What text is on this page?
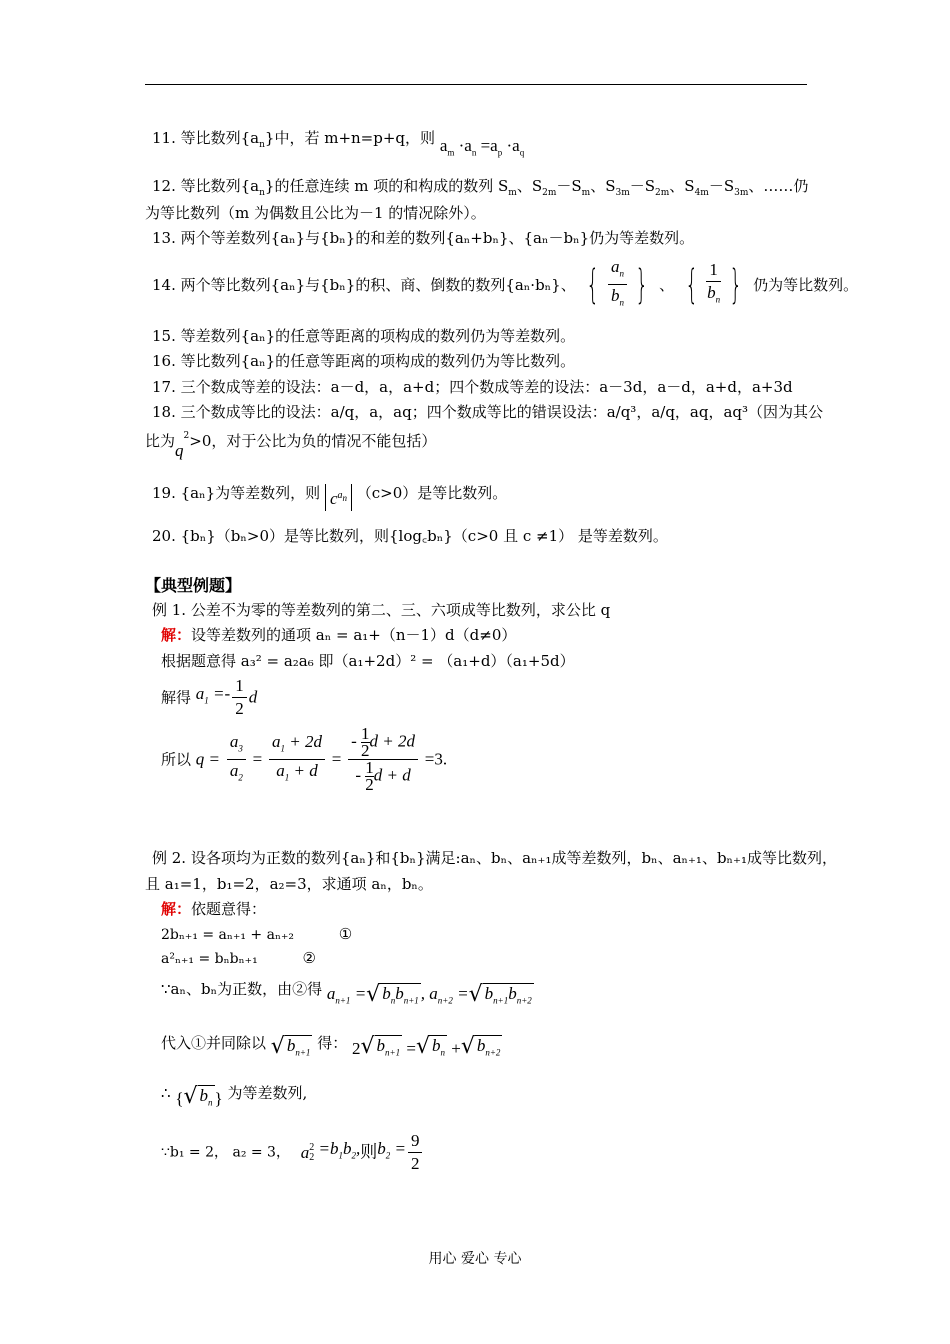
11. 等比数列$\{a_n\}$中，若 m+n=p+q，则 $a_m \cdot a_n =a_p \cdot a_q$
12. 等比数列$\{a_n\}$的任意连续 m 项的和构成的数列 $S_m$、$S_{2m}-S_m$、$S_{3m}-S_{2m}$、$S_{4m}-S_{3m}$、……仍
为等比数列（m 为偶数且公比为－1 的情况除外）。
13. 两个等差数列{aₙ}与{bₙ}的和差的数列{aₙ+bₙ}、{aₙ－bₙ}仍为等差数列。
14. 两个等比数列{aₙ}与{bₙ}的积、商、倒数的数列{aₙ·bₙ}、 { $\frac{a_n}{b_n}$ } 、 { $\frac{1}{b_n}$ } 仍为等比数列。
15. 等差数列{aₙ}的任意等距离的项构成的数列仍为等差数列。
16. 等比数列{aₙ}的任意等距离的项构成的数列仍为等比数列。
17. 三个数成等差的设法：a－d，a，a+d；四个数成等差的设法：a－3d，a－d，a+d，a+3d
18. 三个数成等比的设法：a/q，a，aq；四个数成等比的错误设法：a/q³，a/q，aq，aq³（因为其公
比为$q^2>0$，对于公比为负的情况不能包括）
19. {aₙ}为等差数列，则 $c^{a_n}$ （c>0）是等比数列。
20. {bₙ}（bₙ>0）是等比数列，则{log꜀bₙ}（c>0 且 c ≠1） 是等差数列。
【典型例题】
例 1. 公差不为零的等差数列的第二、三、六项成等比数列，求公比 q
解：设等差数列的通项 aₙ = a₁+（n－1）d（d≠0）
根据题意得 a₃² = a₂a₆ 即（a₁+2d）² = （a₁+d）（a₁+5d）
解得 $a_1 =- \frac{1}{2}$ d
所以 $q = \frac{a_3}{a_2} = \frac{a_1 + 2d}{a_1 + d} = \frac{- \frac{1}{2} d + 2d}{- \frac{1}{2} d + d} =3$.
例 2. 设各项均为正数的数列{aₙ}和{bₙ}满足:aₙ、bₙ、aₙ₊₁成等差数列，bₙ、aₙ₊₁、bₙ₊₁成等比数列，
且 a₁=1，b₁=2，a₂=3，求通项 aₙ，bₙ。
解：依题意得：
2bₙ₊₁ = aₙ₊₁ + aₙ₊₂	①
a²ₙ₊₁ = bₙbₙ₊₁	②
∵aₙ、bₙ为正数，由②得 $a_{n+1}$ =√ $b_nb_{n+1}$ , $a_{n+2}$ =√ $b_{n+1}b_{n+2}$
代入①并同除以 √ $b_{n+1}$ 得： 2√ $b_{n+1}$ =√ $b_n$ +√ $b_{n+2}$
∴ {√ $b_n$ } 为等差数列,
∵b₁ = 2， a₂ = 3， a 2
$2 =b_1b_2$,则$b_2 = \frac{9}{2}$
用心 爱心 专心
